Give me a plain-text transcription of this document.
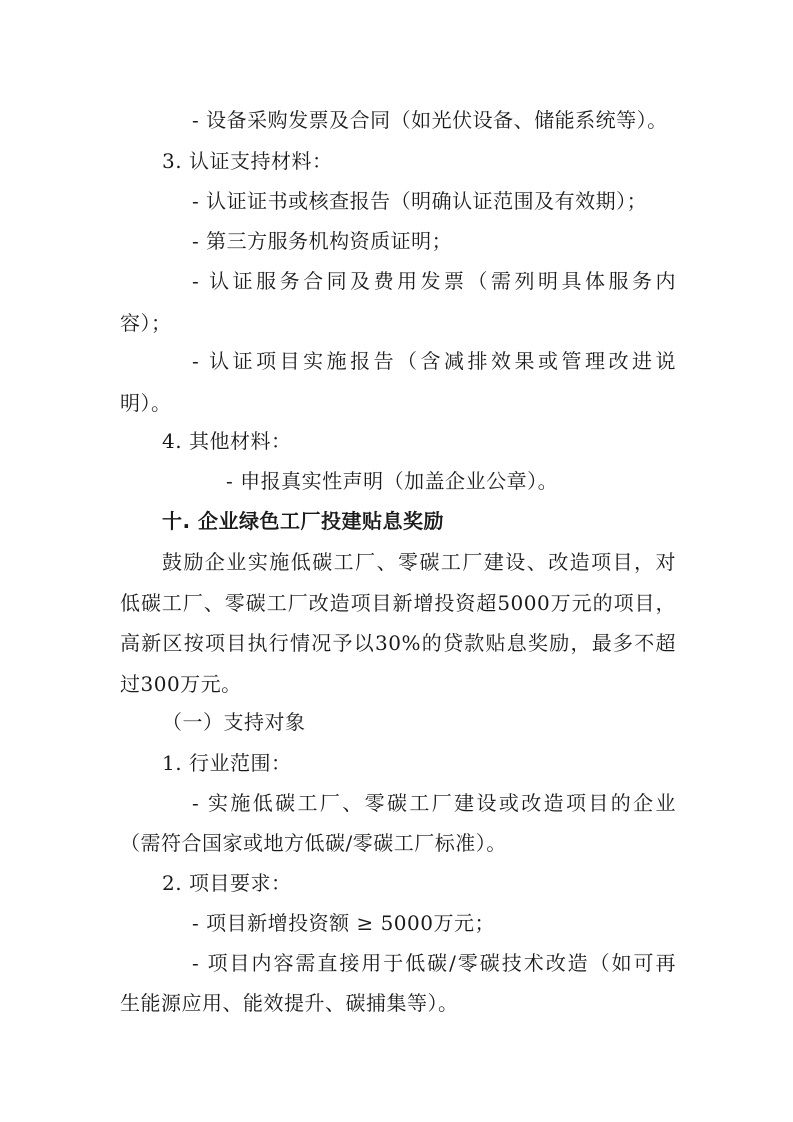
- 设备采购发票及合同（如光伏设备、储能系统等）。
3. 认证支持材料：
- 认证证书或核查报告（明确认证范围及有效期）；
- 第三方服务机构资质证明；
- 认证服务合同及费用发票（需列明具体服务内
容）；
- 认证项目实施报告（含减排效果或管理改进说
明）。
4. 其他材料：
- 申报真实性声明（加盖企业公章）。
十. 企业绿色工厂投建贴息奖励
鼓励企业实施低碳工厂、零碳工厂建设、改造项目，对
低碳工厂、零碳工厂改造项目新增投资超5000万元的项目，
高新区按项目执行情况予以30%的贷款贴息奖励，最多不超
过300万元。
（一）支持对象
1. 行业范围：
- 实施低碳工厂、零碳工厂建设或改造项目的企业
（需符合国家或地方低碳/零碳工厂标准）。
2. 项目要求：
- 项目新增投资额 ≥ 5000万元；
- 项目内容需直接用于低碳/零碳技术改造（如可再
生能源应用、能效提升、碳捕集等）。
